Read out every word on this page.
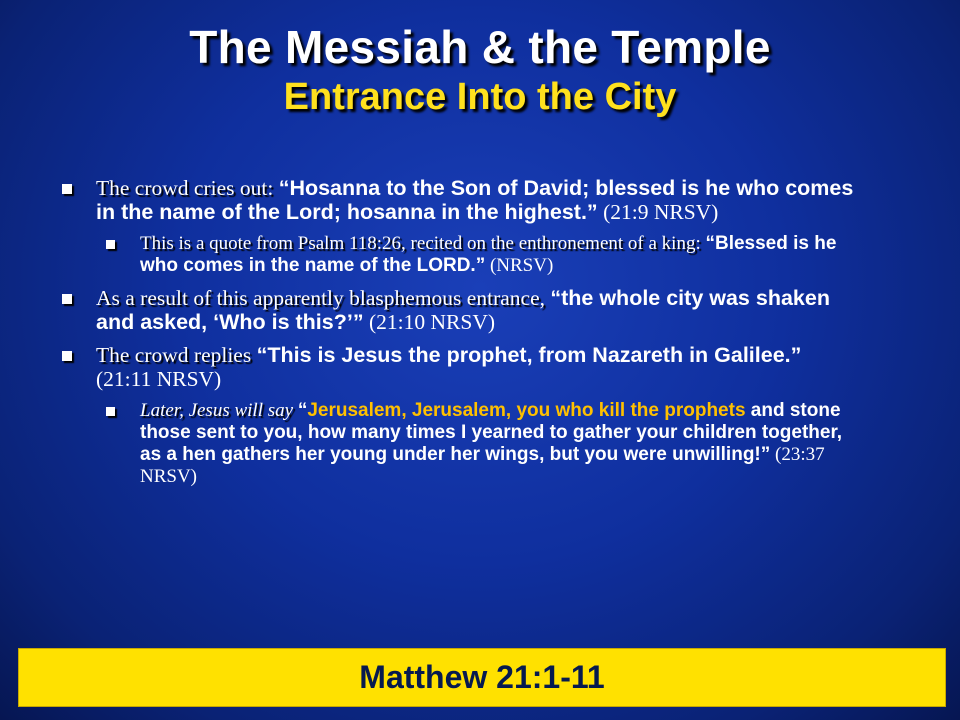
The Messiah & the Temple
Entrance Into the City
The crowd cries out: “Hosanna to the Son of David; blessed is he who comes in the name of the Lord; hosanna in the highest.” (21:9 NRSV)
This is a quote from Psalm 118:26, recited on the enthronement of a king: “Blessed is he who comes in the name of the LORD.” (NRSV)
As a result of this apparently blasphemous entrance, “the whole city was shaken and asked, ‘Who is this?’” (21:10 NRSV)
The crowd replies “This is Jesus the prophet, from Nazareth in Galilee.” (21:11 NRSV)
Later, Jesus will say “Jerusalem, Jerusalem, you who kill the prophets and stone those sent to you, how many times I yearned to gather your children together, as a hen gathers her young under her wings, but you were unwilling!” (23:37 NRSV)
Matthew 21:1-11
